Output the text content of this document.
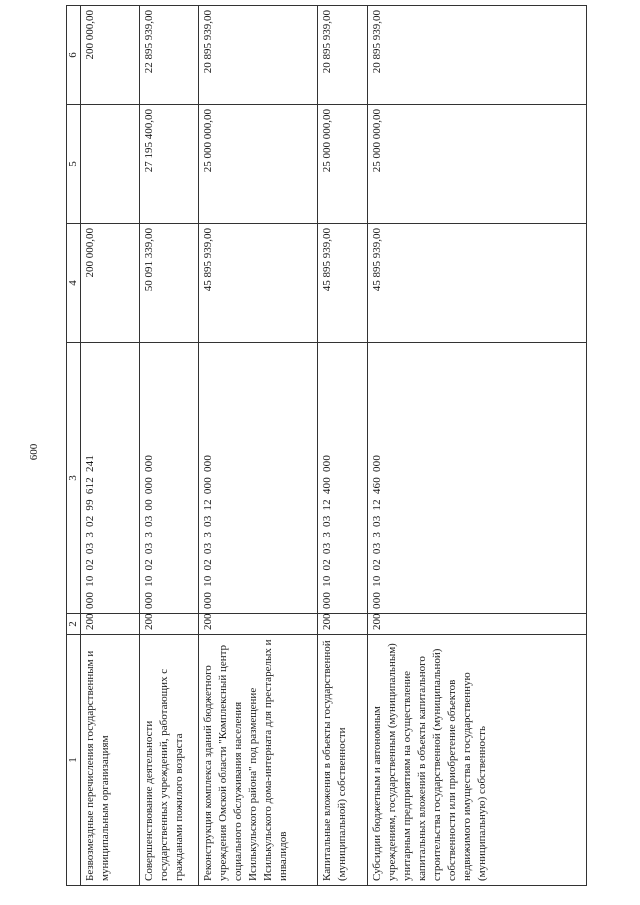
600
1	2	3	4	5	6
Безвозмездные перечисления государственным и муниципальным организациям	200	00010020330299612241	200 000,00		200 000,00
Совершенствование деятельности государственных учреждений, работающих с гражданами пожилого возраста	200	00010020330300000000	50 091 339,00	27 195 400,00	22 895 939,00
Реконструкция комплекса зданий бюджетного учреждения Омской области "Комплексный центр социального обслуживания населения Исилькульского района" под размещение Исилькульского дома-интерната для престарелых и инвалидов	200	00010020330312000000	45 895 939,00	25 000 000,00	20 895 939,00
Капитальные вложения в объекты государственной (муниципальной) собственности	200	00010020330312400000	45 895 939,00	25 000 000,00	20 895 939,00
Субсидии бюджетным и автономным учреждениям, государственным (муниципальным) унитарным предприятиям на осуществление капитальных вложений в объекты капитального строительства государственной (муниципальной) собственности или приобретение объектов недвижимого имущества в государственную (муниципальную) собственность	200	00010020330312460000	45 895 939,00	25 000 000,00	20 895 939,00
